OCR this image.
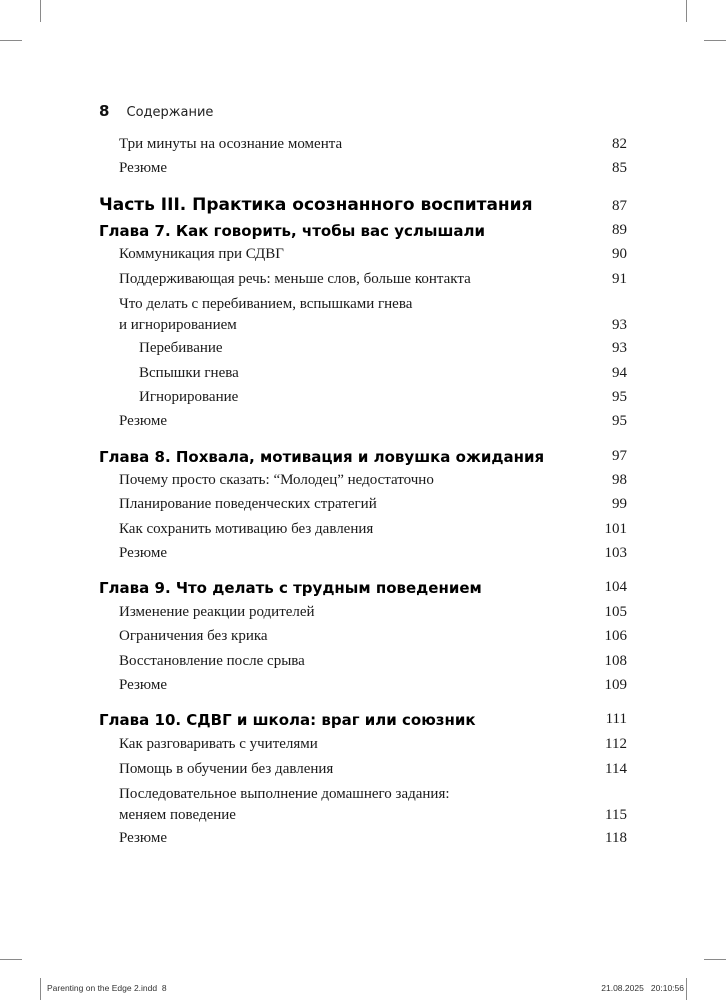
8 Содержание
Три минуты на осознание момента	82
Резюме	85
Часть III. Практика осознанного воспитания	87
Глава 7. Как говорить, чтобы вас услышали	89
Коммуникация при СДВГ	90
Поддерживающая речь: меньше слов, больше контакта	91
Что делать с перебиванием, вспышками гнева
и игнорированием	93
Перебивание	93
Вспышки гнева	94
Игнорирование	95
Резюме	95
Глава 8. Похвала, мотивация и ловушка ожидания	97
Почему просто сказать: “Молодец” недостаточно	98
Планирование поведенческих стратегий	99
Как сохранить мотивацию без давления	101
Резюме	103
Глава 9. Что делать с трудным поведением	104
Изменение реакции родителей	105
Ограничения без крика	106
Восстановление после срыва	108
Резюме	109
Глава 10. СДВГ и школа: враг или союзник	111
Как разговаривать с учителями	112
Помощь в обучении без давления	114
Последовательное выполнение домашнего задания:
меняем поведение	115
Резюме	118
Parenting on the Edge 2.indd 8	21.08.2025 20:10:56
